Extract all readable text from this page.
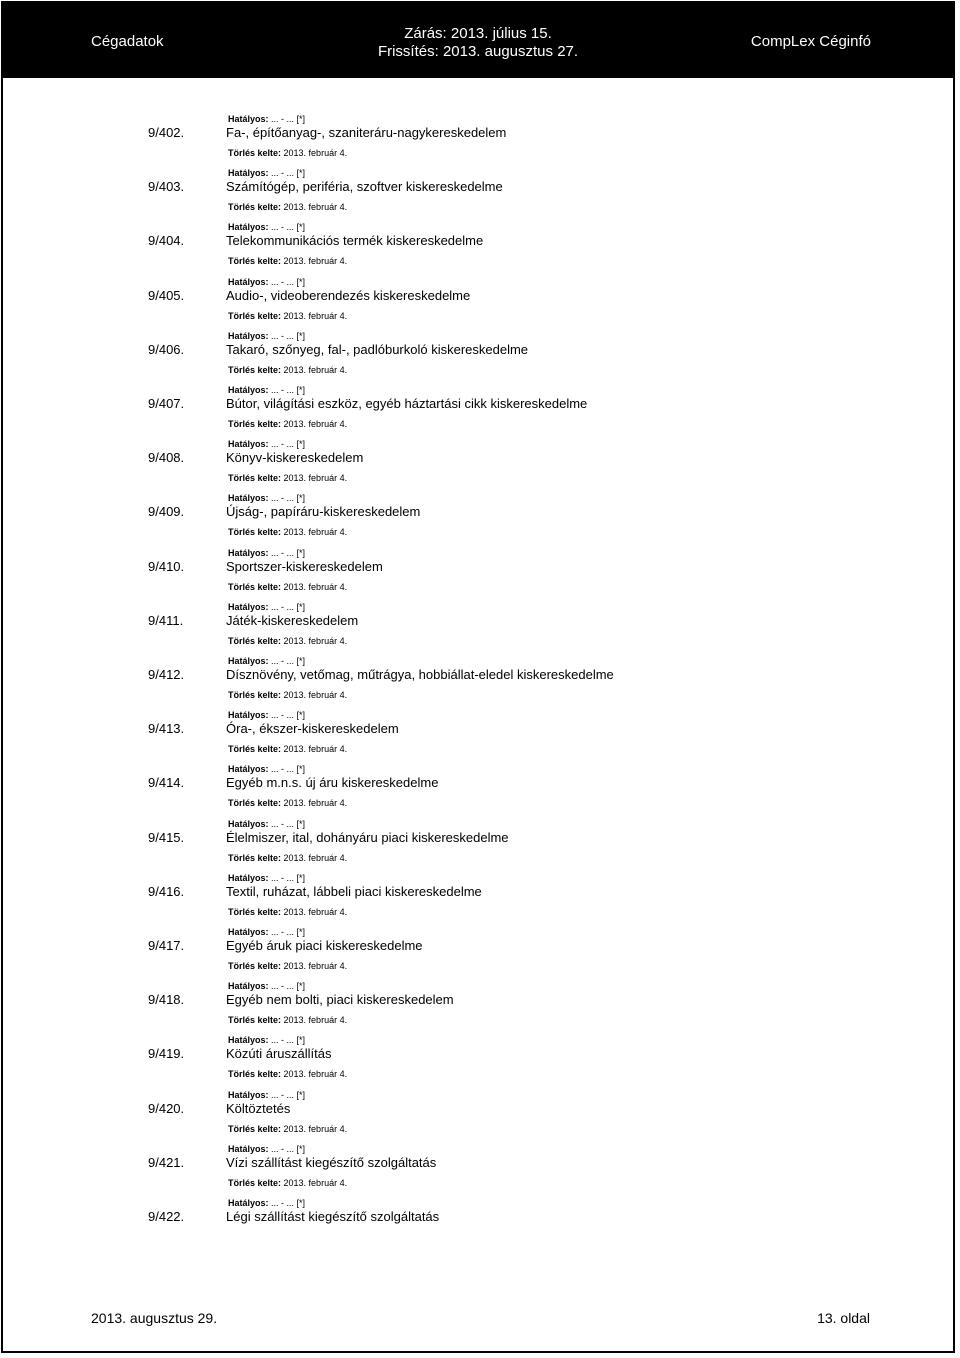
Cégadatok	Zárás: 2013. július 15.
Frissítés: 2013. augusztus 27.
CompLex Céginfó
Hatályos: ... - ... [*]
9/402.	Fa-, építőanyag-, szaniteráru-nagykereskedelem
Törlés kelte: 2013. február 4.
Hatályos: ... - ... [*]
9/403.	Számítógép, periféria, szoftver kiskereskedelme
Törlés kelte: 2013. február 4.
Hatályos: ... - ... [*]
9/404.	Telekommunikációs termék kiskereskedelme
Törlés kelte: 2013. február 4.
Hatályos: ... - ... [*]
9/405.	Audio-, videoberendezés kiskereskedelme
Törlés kelte: 2013. február 4.
Hatályos: ... - ... [*]
9/406.	Takaró, szőnyeg, fal-, padlóburkoló kiskereskedelme
Törlés kelte: 2013. február 4.
Hatályos: ... - ... [*]
9/407.	Bútor, világítási eszköz, egyéb háztartási cikk kiskereskedelme
Törlés kelte: 2013. február 4.
Hatályos: ... - ... [*]
9/408.	Könyv-kiskereskedelem
Törlés kelte: 2013. február 4.
Hatályos: ... - ... [*]
9/409.	Újság-, papíráru-kiskereskedelem
Törlés kelte: 2013. február 4.
Hatályos: ... - ... [*]
9/410.	Sportszer-kiskereskedelem
Törlés kelte: 2013. február 4.
Hatályos: ... - ... [*]
9/411.	Játék-kiskereskedelem
Törlés kelte: 2013. február 4.
Hatályos: ... - ... [*]
9/412.	Dísznövény, vetőmag, műtrágya, hobbiállat-eledel kiskereskedelme
Törlés kelte: 2013. február 4.
Hatályos: ... - ... [*]
9/413.	Óra-, ékszer-kiskereskedelem
Törlés kelte: 2013. február 4.
Hatályos: ... - ... [*]
9/414.	Egyéb m.n.s. új áru kiskereskedelme
Törlés kelte: 2013. február 4.
Hatályos: ... - ... [*]
9/415.	Élelmiszer, ital, dohányáru piaci kiskereskedelme
Törlés kelte: 2013. február 4.
Hatályos: ... - ... [*]
9/416.	Textil, ruházat, lábbeli piaci kiskereskedelme
Törlés kelte: 2013. február 4.
Hatályos: ... - ... [*]
9/417.	Egyéb áruk piaci kiskereskedelme
Törlés kelte: 2013. február 4.
Hatályos: ... - ... [*]
9/418.	Egyéb nem bolti, piaci kiskereskedelem
Törlés kelte: 2013. február 4.
Hatályos: ... - ... [*]
9/419.	Közúti áruszállítás
Törlés kelte: 2013. február 4.
Hatályos: ... - ... [*]
9/420.	Költöztetés
Törlés kelte: 2013. február 4.
Hatályos: ... - ... [*]
9/421.	Vízi szállítást kiegészítő szolgáltatás
Törlés kelte: 2013. február 4.
Hatályos: ... - ... [*]
9/422.	Légi szállítást kiegészítő szolgáltatás
2013. augusztus 29.	13. oldal
